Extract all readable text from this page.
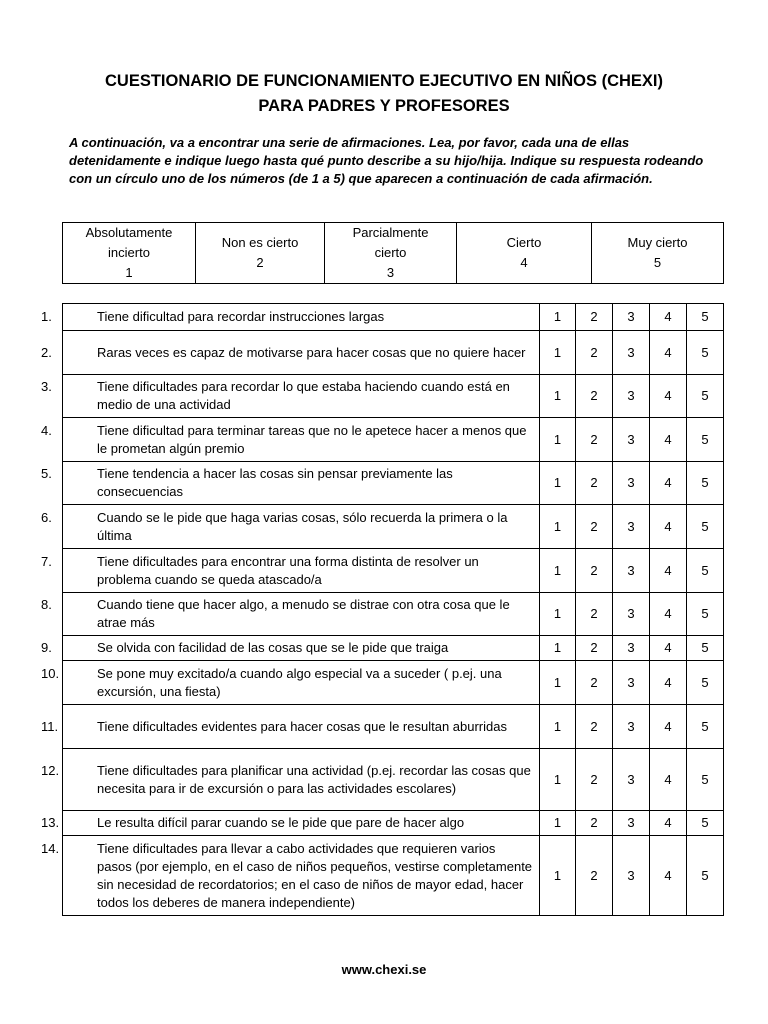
CUESTIONARIO DE FUNCIONAMIENTO EJECUTIVO EN NIÑOS (CHEXI)
PARA PADRES Y PROFESORES
A continuación, va a encontrar una serie de afirmaciones. Lea, por favor, cada una de ellas detenidamente e indique luego hasta qué punto describe a su hijo/hija. Indique su respuesta rodeando con un círculo uno de los números (de 1 a 5) que aparecen a continuación de cada afirmación.
Absolutamente
incierto
1

Non es cierto
2

Parcialmente
cierto
3

Cierto
4

Muy cierto
5
1. Tiene dificultad para recordar instrucciones largas	1	2	3	4	5

2. Raras veces es capaz de motivarse para hacer cosas que no quiere hacer	1	2	3	4	5

3. Tiene dificultades para recordar lo que estaba haciendo cuando está en medio de una actividad	1	2	3	4	5

4. Tiene dificultad para terminar tareas que no le apetece hacer a menos que le prometan algún premio	1	2	3	4	5

5. Tiene tendencia a hacer las cosas sin pensar previamente las consecuencias	1	2	3	4	5

6. Cuando se le pide que haga varias cosas, sólo recuerda la primera o la última	1	2	3	4	5

7. Tiene dificultades para encontrar una forma distinta de resolver un problema cuando se queda atascado/a	1	2	3	4	5

8. Cuando tiene que hacer algo, a menudo se distrae con otra cosa que le atrae más	1	2	3	4	5

9. Se olvida con facilidad de las cosas que se le pide que traiga	1	2	3	4	5

10. Se pone muy excitado/a cuando algo especial va a suceder ( p.ej. una excursión, una fiesta)	1	2	3	4	5

11. Tiene dificultades evidentes para hacer cosas que le resultan aburridas	1	2	3	4	5

12. Tiene dificultades para planificar una actividad (p.ej. recordar las cosas que necesita para ir de excursión o para las actividades escolares)	1	2	3	4	5

13. Le resulta difícil parar cuando se le pide que pare de hacer algo	1	2	3	4	5

14. Tiene dificultades para llevar a cabo actividades que requieren varios pasos (por ejemplo, en el caso de niños pequeños, vestirse completamente sin necesidad de recordatorios; en el caso de niños de mayor edad, hacer todos los deberes de manera independiente)	1	2	3	4	5
www.chexi.se
